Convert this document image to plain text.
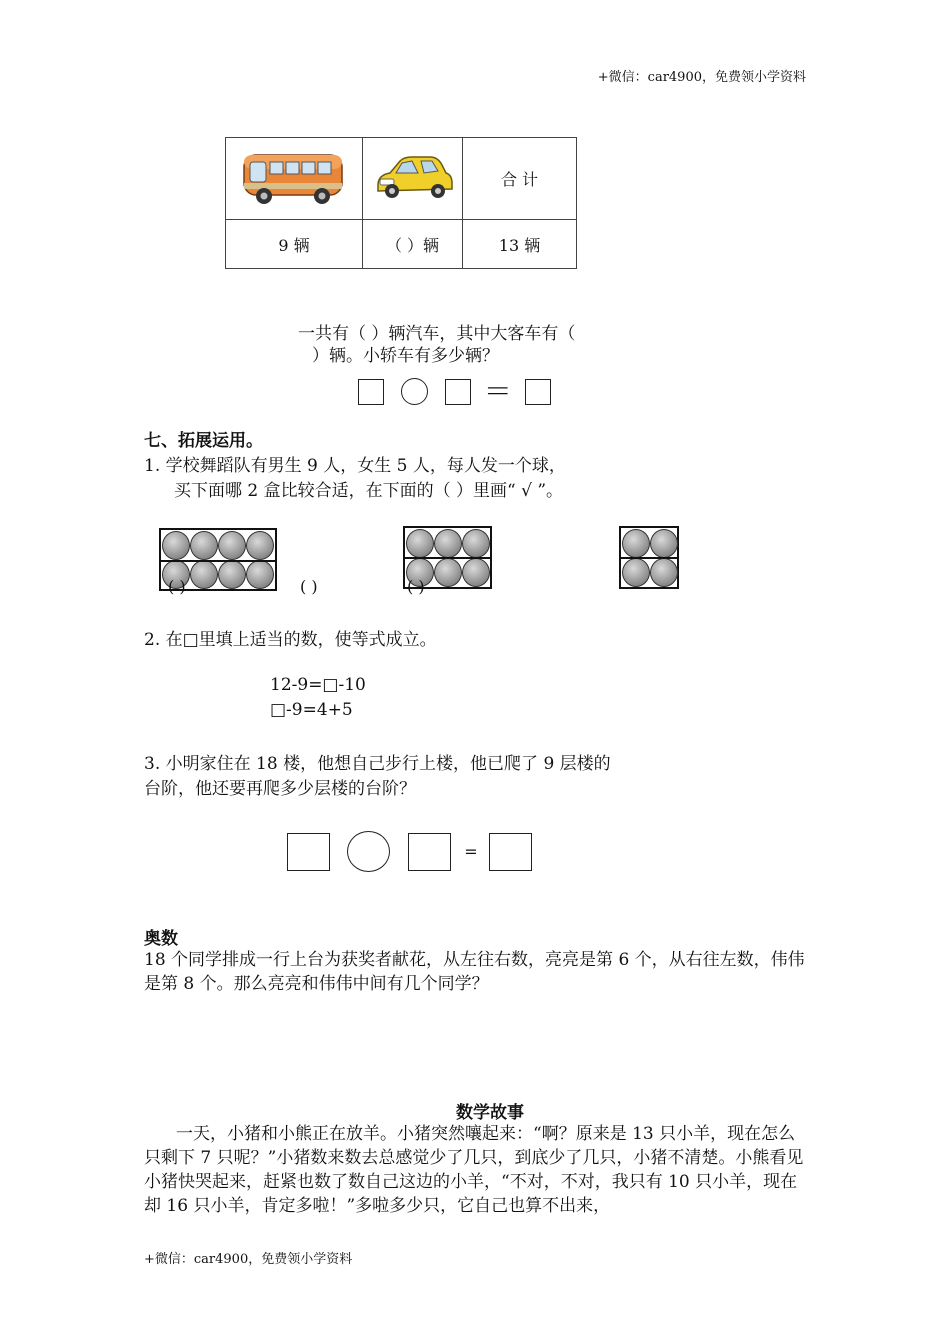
+微信：car4900，免费领小学资料
		合 计
9 辆	（ ）辆	13 辆
一共有（ ）辆汽车，其中大客车有（
）辆。小轿车有多少辆？
＝
七、拓展运用。
1. 学校舞蹈队有男生 9 人，女生 5 人，每人发一个球，
买下面哪 2 盒比较合适，在下面的（ ）里画“ √ ”。
( )	( )	( )
2. 在□里填上适当的数，使等式成立。
12-9=□-10
□-9=4+5
3. 小明家住在 18 楼，他想自己步行上楼，他已爬了 9 层楼的
台阶，他还要再爬多少层楼的台阶？
=
奥数
18 个同学排成一行上台为获奖者献花，从左往右数，亮亮是第 6 个，从右往左数，伟伟是第 8 个。那么亮亮和伟伟中间有几个同学？
数学故事
一天，小猪和小熊正在放羊。小猪突然嚷起来：“啊？原来是 13 只小羊，现在怎么只剩下 7 只呢？”小猪数来数去总感觉少了几只，到底少了几只，小猪不清楚。小熊看见小猪快哭起来，赶紧也数了数自己这边的小羊，“不对，不对，我只有 10 只小羊，现在却 16 只小羊，肯定多啦！”多啦多少只，它自己也算不出来，
+微信：car4900，免费领小学资料
